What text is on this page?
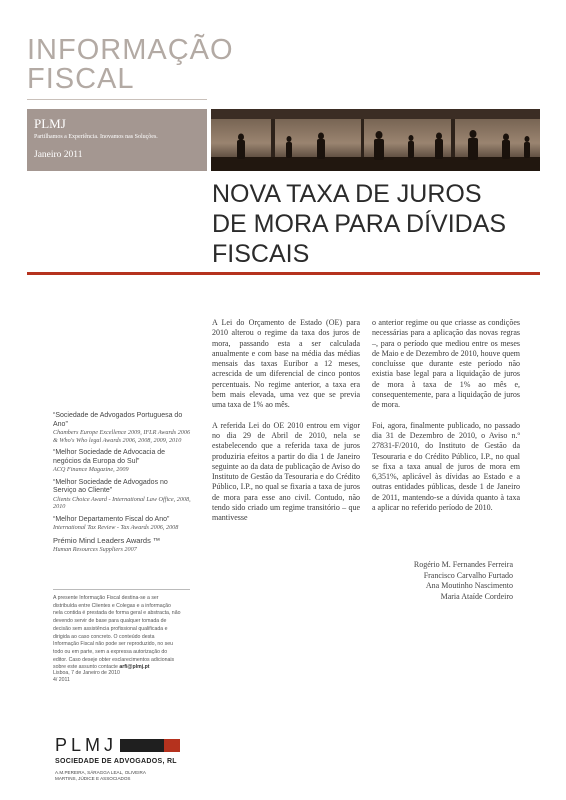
INFORMAÇÃO
FISCAL
PLMJ
Partilhamos a Experiência. Inovamos nas Soluções.
Janeiro 2011
NOVA TAXA DE JUROS
DE MORA PARA DÍVIDAS
FISCAIS

A Lei do Orçamento de Estado (OE) para 2010 alterou o regime da taxa dos juros de mora, passando esta a ser calculada anualmente e com base na média das médias mensais das taxas Euribor a 12 meses, acrescida de um diferencial de cinco pontos percentuais. No regime anterior, a taxa era bem mais elevada, uma vez que se previa uma taxa de 1% ao mês.

A referida Lei do OE 2010 entrou em vigor no dia 29 de Abril de 2010, nela se estabelecendo que a referida taxa de juros produziria efeitos a partir do dia 1 de Janeiro seguinte ao da data de publicação de Aviso do Instituto de Gestão da Tesouraria e do Crédito Público, I.P., no qual se fixaria a taxa de juros de mora para esse ano civil. Contudo, não tendo sido criado um regime transitório – que mantivesse

o anterior regime ou que criasse as condições necessárias para a aplicação das novas regras –, para o período que mediou entre os meses de Maio e de Dezembro de 2010, houve quem concluísse que durante este período não existia base legal para a liquidação de juros de mora à taxa de 1% ao mês e, consequentemente, para a liquidação de juros de mora.

Foi, agora, finalmente publicado, no passado dia 31 de Dezembro de 2010, o Aviso n.º 27831-F/2010, do Instituto de Gestão da Tesouraria e do Crédito Público, I.P., no qual se fixa a taxa anual de juros de mora em 6,351%, aplicável às dívidas ao Estado e a outras entidades públicas, desde 1 de Janeiro de 2011, mantendo-se a dúvida quanto à taxa a aplicar no referido período de 2010.

Rogério M. Fernandes Ferreira
Francisco Carvalho Furtado
Ana Moutinho Nascimento
Maria Ataíde Cordeiro
“Sociedade de Advogados Portuguesa do Ano”
Chambers Europe Excellence 2009, IFLR Awards 2006 & Who's Who legal Awards 2006, 2008, 2009, 2010
“Melhor Sociedade de Advocacia de negócios da Europa do Sul”
ACQ Finance Magazine, 2009
“Melhor Sociedade de Advogados no Serviço ao Cliente”
Clients Choice Award - International Law Office, 2008, 2010
“Melhor Departamento Fiscal do Ano”
International Tax Review - Tax Awards 2006, 2008
Prémio Mind Leaders Awards ™
Human Resources Suppliers 2007
A presente Informação Fiscal destina-se a ser distribuída entre Clientes e Colegas e a informação nela contida é prestada de forma geral e abstracta, não devendo servir de base para qualquer tomada de decisão sem assistência profissional qualificada e dirigida ao caso concreto. O conteúdo desta Informação Fiscal não pode ser reproduzido, no seu todo ou em parte, sem a expressa autorização do editor. Caso deseje obter esclarecimentos adicionais sobre este assunto contacte arfi@plmj.pt
Lisboa, 7 de Janeiro de 2010
4/ 2011
PLMJ
SOCIEDADE DE ADVOGADOS, RL
A.M.PEREIRA, SÁRAGGA LEAL, OLIVEIRA MARTINS, JÚDICE E ASSOCIADOS
